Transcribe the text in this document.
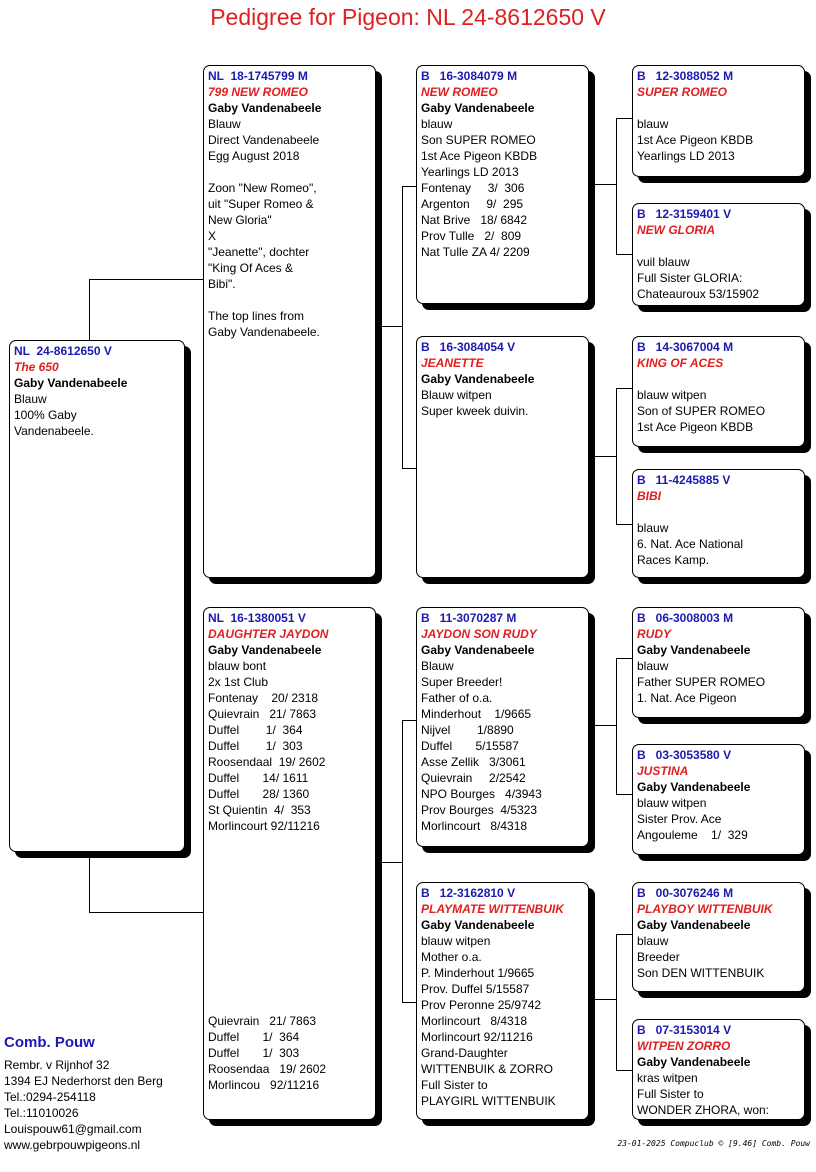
Pedigree for Pigeon: NL 24-8612650 V
NL  24-8612650 V
The 650
Gaby Vandenabeele
Blauw
100% Gaby
Vandenabeele.
NL  18-1745799 M
799 NEW ROMEO
Gaby Vandenabeele
Blauw
Direct Vandenabeele
Egg August 2018
Zoon "New Romeo",
uit "Super Romeo &
New Gloria"
X
"Jeanette", dochter
"King Of Aces &
Bibi".
The top lines from
Gaby Vandenabeele.
NL  16-1380051 V
DAUGHTER JAYDON
Gaby Vandenabeele
blauw bont
2x 1st Club
Fontenay    20/ 2318
Quievrain   21/ 7863
Duffel        1/  364
Duffel        1/  303
Roosendaal  19/ 2602
Duffel       14/ 1611
Duffel       28/ 1360
St Quientin  4/  353
Morlincourt 92/11216
Quievrain   21/ 7863
Duffel       1/  364
Duffel       1/  303
Roosendaa   19/ 2602
Morlincou   92/11216
B   16-3084079 M
NEW ROMEO
Gaby Vandenabeele
blauw
Son SUPER ROMEO
1st Ace Pigeon KBDB
Yearlings LD 2013
Fontenay     3/  306
Argenton     9/  295
Nat Brive   18/ 6842
Prov Tulle   2/  809
Nat Tulle ZA 4/ 2209
B   16-3084054 V
JEANETTE
Gaby Vandenabeele
Blauw witpen
Super kweek duivin.
B   11-3070287 M
JAYDON SON RUDY
Gaby Vandenabeele
Blauw
Super Breeder!
Father of o.a.
Minderhout    1/9665
Nijvel        1/8890
Duffel       5/15587
Asse Zellik   3/3061
Quievrain     2/2542
NPO Bourges   4/3943
Prov Bourges  4/5323
Morlincourt   8/4318
B   12-3162810 V
PLAYMATE WITTENBUIK
Gaby Vandenabeele
blauw witpen
Mother o.a.
P. Minderhout 1/9665
Prov. Duffel 5/15587
Prov Peronne 25/9742
Morlincourt   8/4318
Morlincourt 92/11216
Grand-Daughter
WITTENBUIK & ZORRO
Full Sister to
PLAYGIRL WITTENBUIK
B   12-3088052 M
SUPER ROMEO
blauw
1st Ace Pigeon KBDB
Yearlings LD 2013
B   12-3159401 V
NEW GLORIA
vuil blauw
Full Sister GLORIA:
Chateauroux 53/15902
B   14-3067004 M
KING OF ACES
blauw witpen
Son of SUPER ROMEO
1st Ace Pigeon KBDB
B   11-4245885 V
BIBI
blauw
6. Nat. Ace National
Races Kamp.
B   06-3008003 M
RUDY
Gaby Vandenabeele
blauw
Father SUPER ROMEO
1. Nat. Ace Pigeon
B   03-3053580 V
JUSTINA
Gaby Vandenabeele
blauw witpen
Sister Prov. Ace
Angouleme    1/  329
B   00-3076246 M
PLAYBOY WITTENBUIK
Gaby Vandenabeele
blauw
Breeder
Son DEN WITTENBUIK
B   07-3153014 V
WITPEN ZORRO
Gaby Vandenabeele
kras witpen
Full Sister to
WONDER ZHORA, won:
Comb. Pouw
Rembr. v Rijnhof 32
1394 EJ Nederhorst den Berg
Tel.:0294-254118
Tel.:11010026
Louispouw61@gmail.com
www.gebrpouwpigeons.nl	23-01-2025 Compuclub © [9.46] Comb. Pouw
